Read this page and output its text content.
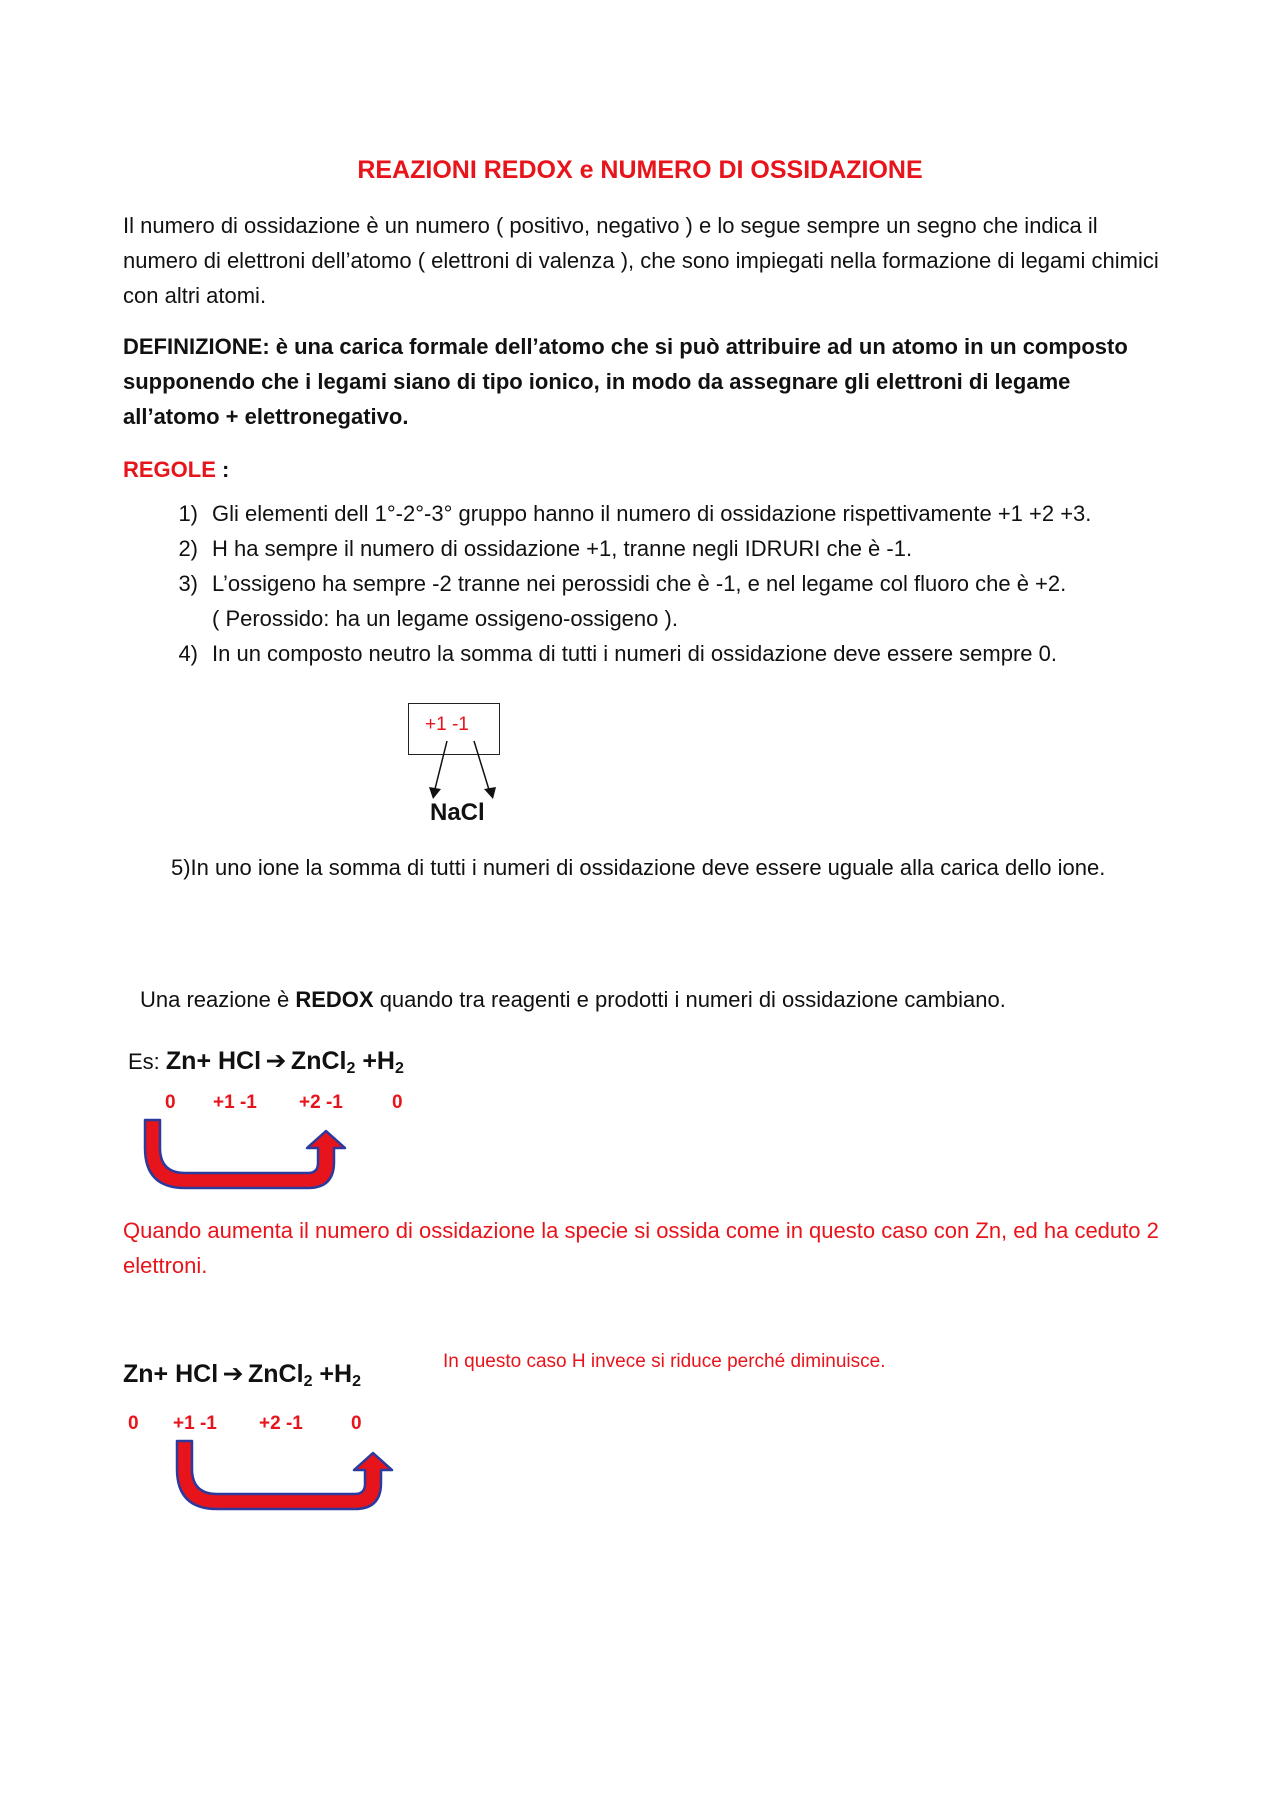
REAZIONI REDOX e NUMERO DI OSSIDAZIONE
Il numero di ossidazione è un numero ( positivo, negativo ) e lo segue sempre un segno che indica il numero di elettroni dell’atomo ( elettroni di valenza ), che sono impiegati nella formazione di legami chimici con altri atomi.
DEFINIZIONE: è una carica formale dell’atomo che si può attribuire ad un atomo in un composto supponendo che i legami siano di tipo ionico, in modo da assegnare gli elettroni di legame all’atomo + elettronegativo.
REGOLE :
1) Gli elementi dell 1°-2°-3° gruppo hanno il numero di ossidazione rispettivamente +1 +2 +3.
2) H ha sempre il numero di ossidazione +1, tranne negli IDRURI che è -1.
3) L’ossigeno ha sempre -2 tranne nei perossidi che è -1, e nel legame col fluoro che è +2.
( Perossido: ha un legame ossigeno-ossigeno ).
4) In un composto neutro la somma di tutti i numeri di ossidazione deve essere sempre 0.
+1 -1
NaCl
5)In uno ione la somma di tutti i numeri di ossidazione deve essere uguale alla carica dello ione.
Una reazione è REDOX quando tra reagenti e prodotti i numeri di ossidazione cambiano.
Es: Zn+ HCl ➔ ZnCl2 +H2
0 +1 -1 +2 -1	0
Quando aumenta il numero di ossidazione la specie si ossida come in questo caso con Zn, ed ha ceduto 2 elettroni.
Zn+ HCl ➔ ZnCl2 +H2
In questo caso H invece si riduce perché diminuisce.
0 +1 -1 +2 -1	0
